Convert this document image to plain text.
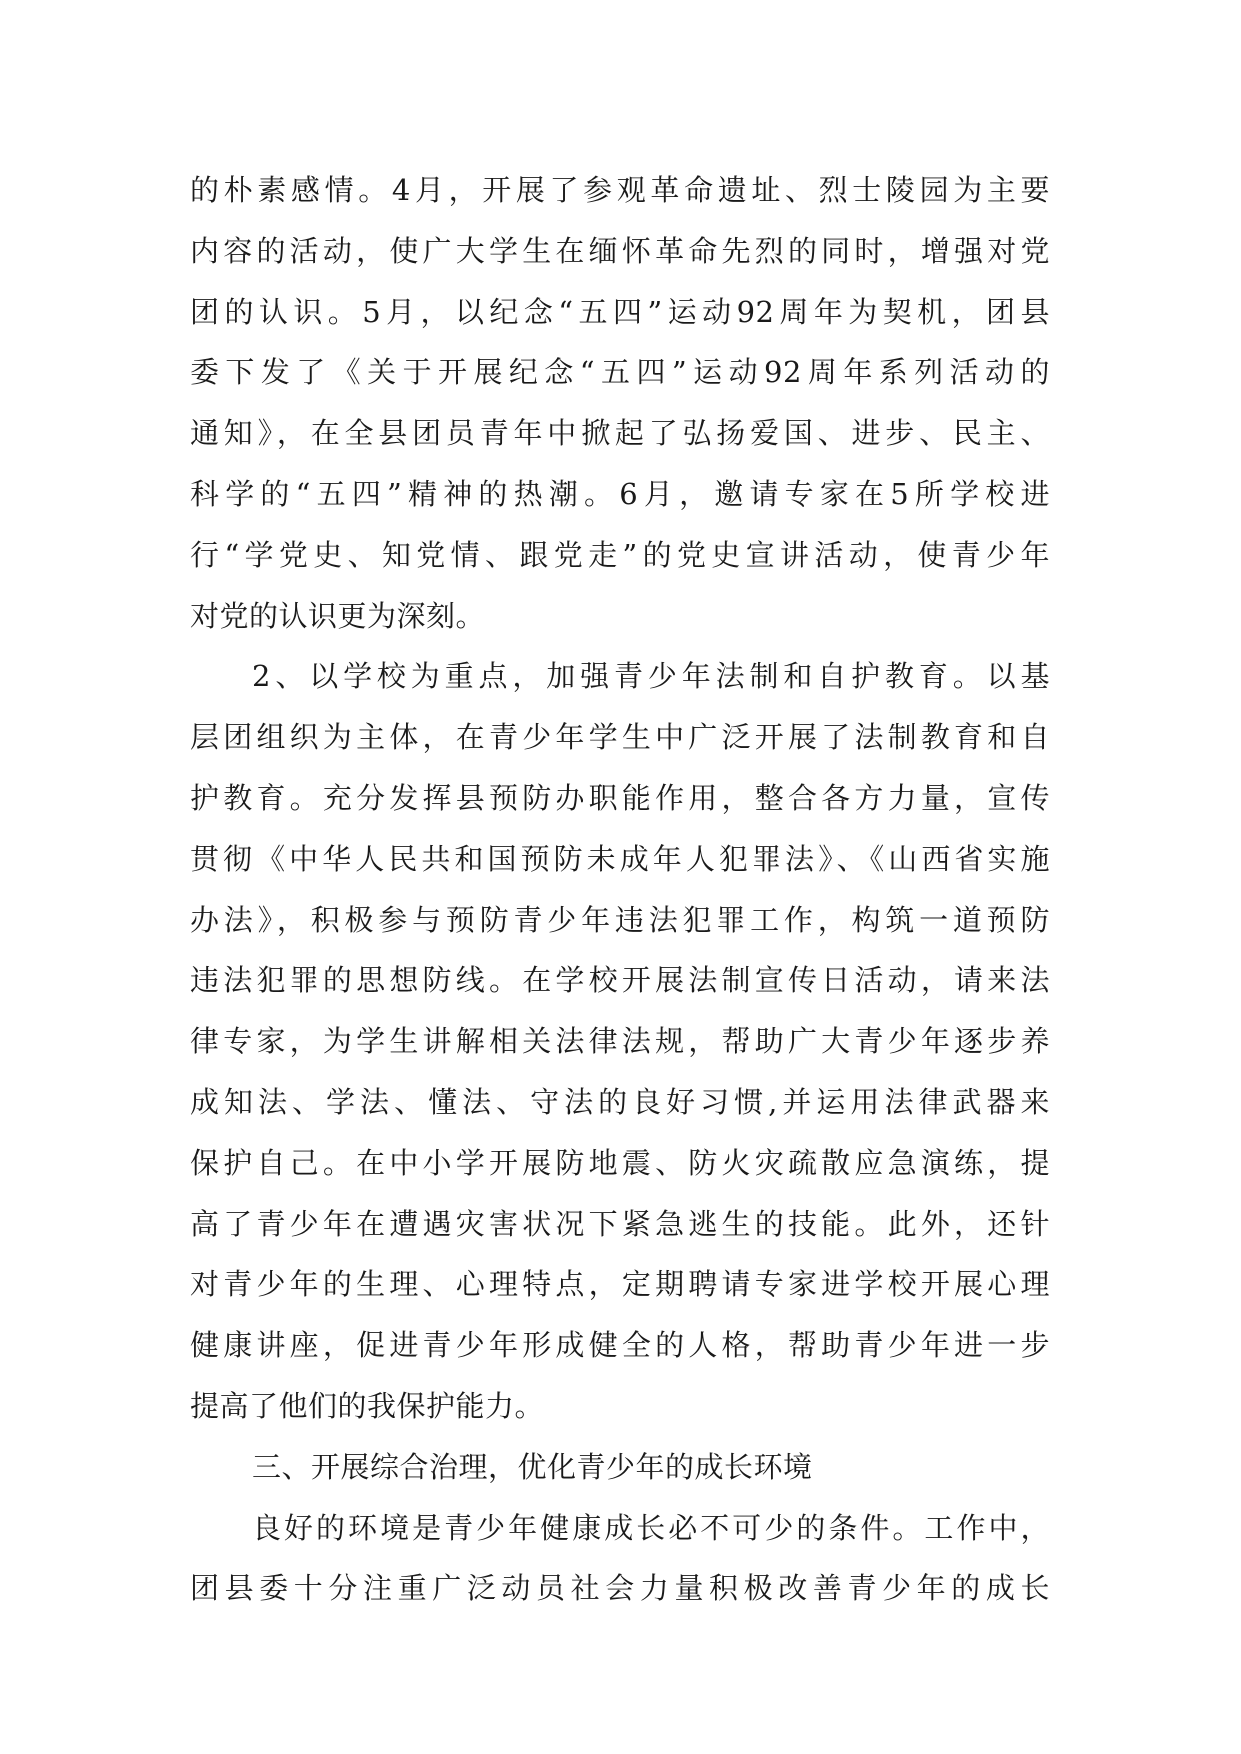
的朴素感情。4月，开展了参观革命遗址、烈士陵园为主要
内容的活动，使广大学生在缅怀革命先烈的同时，增强对党
团的认识。5月，以纪念“五四”运动92周年为契机，团县
委下发了《关于开展纪念“五四”运动92周年系列活动的
通知》，在全县团员青年中掀起了弘扬爱国、进步、民主、
科学的“五四”精神的热潮。6月，邀请专家在5所学校进
行“学党史、知党情、跟党走”的党史宣讲活动，使青少年
对党的认识更为深刻。
2、以学校为重点，加强青少年法制和自护教育。以基
层团组织为主体，在青少年学生中广泛开展了法制教育和自
护教育。充分发挥县预防办职能作用，整合各方力量，宣传
贯彻《中华人民共和国预防未成年人犯罪法》、《山西省实施
办法》，积极参与预防青少年违法犯罪工作，构筑一道预防
违法犯罪的思想防线。在学校开展法制宣传日活动，请来法
律专家，为学生讲解相关法律法规，帮助广大青少年逐步养
成知法、学法、懂法、守法的良好习惯,并运用法律武器来
保护自己。在中小学开展防地震、防火灾疏散应急演练，提
高了青少年在遭遇灾害状况下紧急逃生的技能。此外，还针
对青少年的生理、心理特点，定期聘请专家进学校开展心理
健康讲座，促进青少年形成健全的人格，帮助青少年进一步
提高了他们的我保护能力。
三、开展综合治理，优化青少年的成长环境
良好的环境是青少年健康成长必不可少的条件。工作中，
团县委十分注重广泛动员社会力量积极改善青少年的成长
